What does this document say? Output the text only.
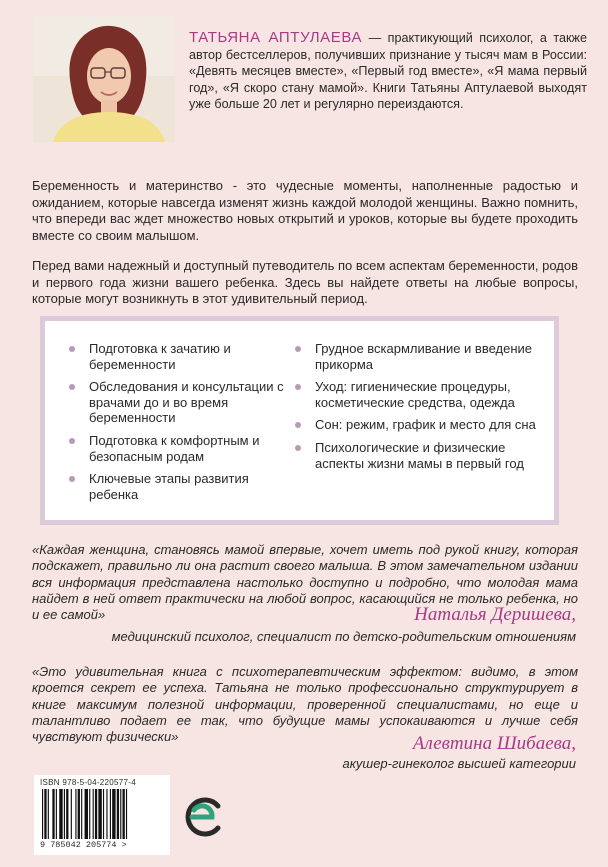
ТАТЬЯНА АПТУЛАЕВА — практикующий психолог, а также автор бестселлеров, получивших признание у тысяч мам в России: «Девять месяцев вместе», «Первый год вместе», «Я мама первый год», «Я скоро стану мамой». Книги Татьяны Аптулаевой выходят уже больше 20 лет и регулярно переиздаются.

Беременность и материнство - это чудесные моменты, наполненные радостью и ожиданием, которые навсегда изменят жизнь каждой молодой женщины. Важно помнить, что впереди вас ждет множество новых открытий и уроков, которые вы будете проходить вместе со своим малышом.

Перед вами надежный и доступный путеводитель по всем аспектам беременности, родов и первого года жизни вашего ребенка. Здесь вы найдете ответы на любые вопросы, которые могут возникнуть в этот удивительный период.

Подготовка к зачатию и беременности
Обследования и консультации с врачами до и во время беременности
Подготовка к комфортным и безопасным родам
Ключевые этапы развития ребенка
Грудное вскармливание и введение прикорма
Уход: гигиенические процедуры, косметические средства, одежда
Сон: режим, график и место для сна
Психологические и физические аспекты жизни мамы в первый год
«Каждая женщина, становясь мамой впервые, хочет иметь под рукой книгу, которая подскажет, правильно ли она растит своего малыша. В этом замечательном издании вся информация представлена настолько доступно и подробно, что молодая мама найдет в ней ответ практически на любой вопрос, касающийся не только ребенка, но и ее самой»	Наталья Деришева,
медицинский психолог, специалист по детско-родительским отношениям
«Это удивительная книга с психотерапевтическим эффектом: видимо, в этом кроется секрет ее успеха. Татьяна не только профессионально структурирует в книге максимум полезной информации, проверенной специалистами, но еще и талантливо подает ее так, что будущие мамы успокаиваются и лучше себя чувствуют физически»	Алевтина Шибаева,
акушер-гинеколог высшей категории
ISBN 978-5-04-220577-4
9 785042 205774 >
